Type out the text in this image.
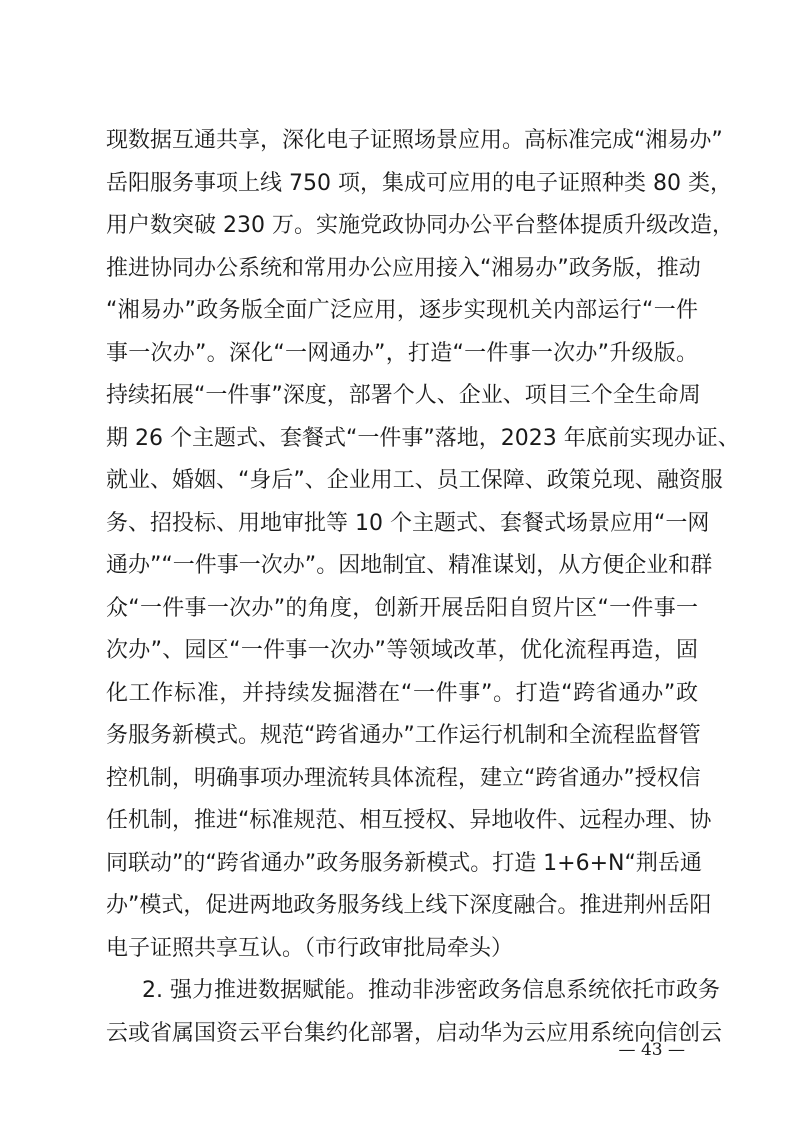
现数据互通共享，深化电子证照场景应用。高标准完成“湘易办”
岳阳服务事项上线 750 项，集成可应用的电子证照种类 80 类，
用户数突破 230 万。实施党政协同办公平台整体提质升级改造，
推进协同办公系统和常用办公应用接入“湘易办”政务版，推动
“湘易办”政务版全面广泛应用，逐步实现机关内部运行“一件
事一次办”。深化“一网通办”，打造“一件事一次办”升级版。
持续拓展“一件事”深度，部署个人、企业、项目三个全生命周
期 26 个主题式、套餐式“一件事”落地，2023 年底前实现办证、
就业、婚姻、“身后”、企业用工、员工保障、政策兑现、融资服
务、招投标、用地审批等 10 个主题式、套餐式场景应用“一网
通办”“一件事一次办”。因地制宜、精准谋划，从方便企业和群
众“一件事一次办”的角度，创新开展岳阳自贸片区“一件事一
次办”、园区“一件事一次办”等领域改革，优化流程再造，固
化工作标准，并持续发掘潜在“一件事”。打造“跨省通办”政
务服务新模式。规范“跨省通办”工作运行机制和全流程监督管
控机制，明确事项办理流转具体流程，建立“跨省通办”授权信
任机制，推进“标准规范、相互授权、异地收件、远程办理、协
同联动”的“跨省通办”政务服务新模式。打造 1+6+N“荆岳通
办”模式，促进两地政务服务线上线下深度融合。推进荆州岳阳
电子证照共享互认。（市行政审批局牵头）
2. 强力推进数据赋能。推动非涉密政务信息系统依托市政务
云或省属国资云平台集约化部署，启动华为云应用系统向信创云
— 43 —
